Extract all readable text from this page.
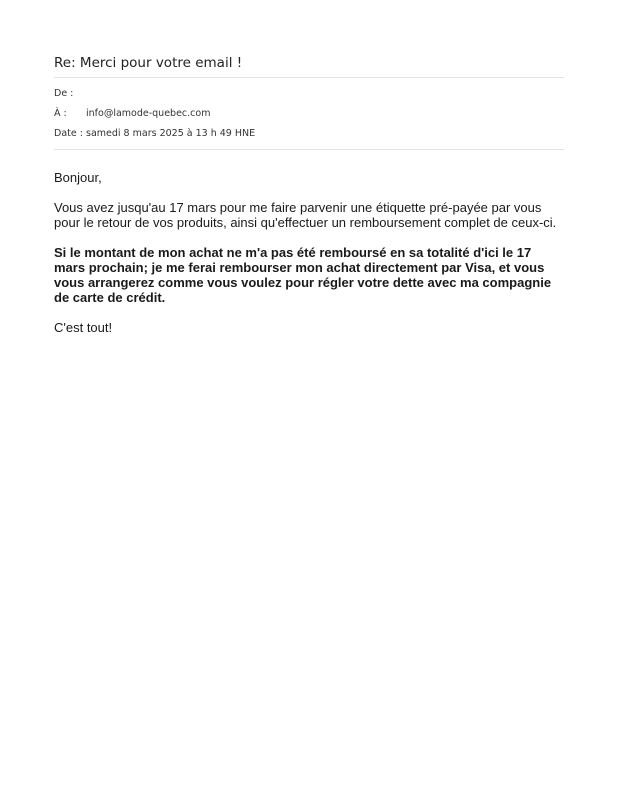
Re: Merci pour votre email !
De :
À : info@lamode-quebec.com
Date : samedi 8 mars 2025 à 13 h 49 HNE

Bonjour,

Vous avez jusqu'au 17 mars pour me faire parvenir une étiquette pré-payée par vous pour le retour de vos produits, ainsi qu'effectuer un remboursement complet de ceux-ci.

Si le montant de mon achat ne m'a pas été remboursé en sa totalité d'ici le 17 mars prochain; je me ferai rembourser mon achat directement par Visa, et vous vous arrangerez comme vous voulez pour régler votre dette avec ma compagnie de carte de crédit.

C'est tout!
